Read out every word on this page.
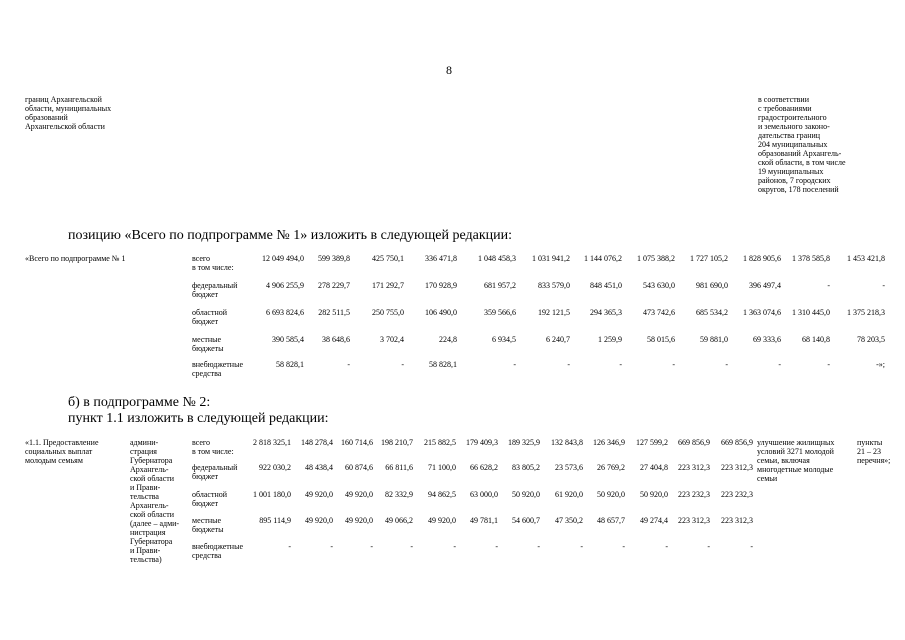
8
границ Архангельской
области, муниципальных
образований
Архангельской области
в соответствии
с требованиями
градостроительного
и земельного законо-
дательства границ
204 муниципальных
образований Архангель-
ской области, в том числе
19 муниципальных
районов, 7 городских
округов, 178 поселений
позицию «Всего по подпрограмме № 1» изложить в следующей редакции:
«Всего по подпрограмме № 1	всего
в том числе:
12 049 494,0	599 389,8	425 750,1	336 471,8	1 048 458,3	1 031 941,2	1 144 076,2	1 075 388,2	1 727 105,2	1 828 905,6	1 378 585,8	1 453 421,8
федеральный
бюджет
4 906 255,9	278 229,7	171 292,7	170 928,9	681 957,2	833 579,0	848 451,0	543 630,0	981 690,0	396 497,4	-	-
областной
бюджет
6 693 824,6	282 511,5	250 755,0	106 490,0	359 566,6	192 121,5	294 365,3	473 742,6	685 534,2	1 363 074,6	1 310 445,0	1 375 218,3
местные
бюджеты
390 585,4	38 648,6	3 702,4	224,8	6 934,5	6 240,7	1 259,9	58 015,6	59 881,0	69 333,6	68 140,8	78 203,5
внебюджетные
средства
58 828,1	-	-	58 828,1	-	-	-	-	-	-	-	-»;
б) в подпрограмме № 2:
пункт 1.1 изложить в следующей редакции:
«1.1. Предоставление
социальных выплат
молодым семьям
админи-
страция
Губернатора
Архангель-
ской области
и Прави-
тельства
Архангель-
ской области
(далее – адми-
нистрация
Губернатора
и Прави-
тельства)
всего
в том числе:
2 818 325,1	148 278,4	160 714,6	198 210,7	215 882,5	179 409,3	189 325,9	132 843,8	126 346,9	127 599,2	669 856,9	669 856,9
федеральный
бюджет
922 030,2	48 438,4	60 874,6	66 811,6	71 100,0	66 628,2	83 805,2	23 573,6	26 769,2	27 404,8	223 312,3	223 312,3
областной
бюджет
1 001 180,0	49 920,0	49 920,0	82 332,9	94 862,5	63 000,0	50 920,0	61 920,0	50 920,0	50 920,0	223 232,3	223 232,3
местные
бюджеты
895 114,9	49 920,0	49 920,0	49 066,2	49 920,0	49 781,1	54 600,7	47 350,2	48 657,7	49 274,4	223 312,3	223 312,3
внебюджетные
средства
-	-	-	-	-	-	-	-	-	-	-	-
улучшение жилищных
условий 3271 молодой
семьи, включая
многодетные молодые
семьи
пункты
21 – 23
перечня»;
